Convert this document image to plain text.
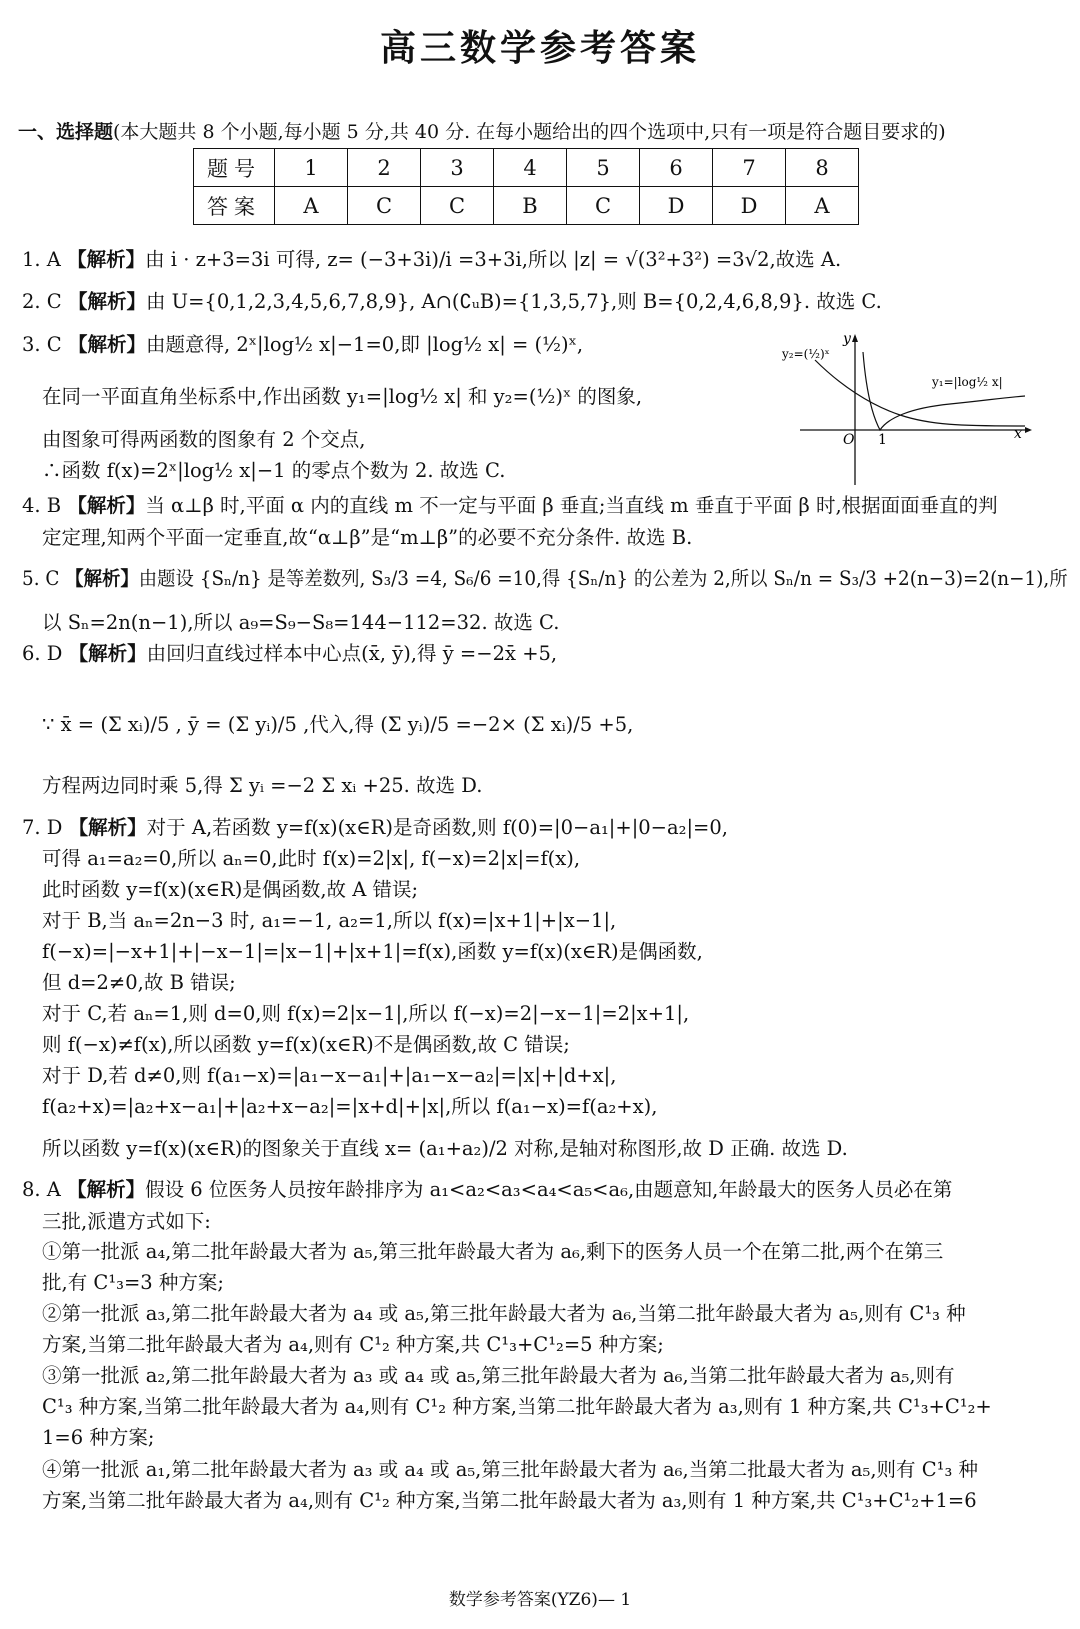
高三数学参考答案
一、选择题(本大题共 8 个小题,每小题 5 分,共 40 分. 在每小题给出的四个选项中,只有一项是符合题目要求的)
题号	1	2	3	4	5	6	7	8
答案	A	C	C	B	C	D	D	A
O 1	x
y
y₂=(½)ˣ
y₁=|log½ x|
1. A 【解析】由 i · z+3=3i 可得, z= (−3+3i)/i =3+3i,所以 |z| = √(3²+3²) =3√2,故选 A.
2. C 【解析】由 U={0,1,2,3,4,5,6,7,8,9}, A∩(∁ᵤB)={1,3,5,7},则 B={0,2,4,6,8,9}. 故选 C.
3. C 【解析】由题意得, 2ˣ|log½ x|−1=0,即 |log½ x| = (½)ˣ,
在同一平面直角坐标系中,作出函数 y₁=|log½ x| 和 y₂=(½)ˣ 的图象,
由图象可得两函数的图象有 2 个交点,
∴函数 f(x)=2ˣ|log½ x|−1 的零点个数为 2. 故选 C.
4. B 【解析】当 α⊥β 时,平面 α 内的直线 m 不一定与平面 β 垂直;当直线 m 垂直于平面 β 时,根据面面垂直的判
定定理,知两个平面一定垂直,故“α⊥β”是“m⊥β”的必要不充分条件. 故选 B.
5. C 【解析】由题设 {Sₙ/n} 是等差数列, S₃/3 =4, S₆/6 =10,得 {Sₙ/n} 的公差为 2,所以 Sₙ/n = S₃/3 +2(n−3)=2(n−1),所
以 Sₙ=2n(n−1),所以 a₉=S₉−S₈=144−112=32. 故选 C.
6. D 【解析】由回归直线过样本中心点(x̄, ȳ),得 ȳ =−2x̄ +5,
∵ x̄ = (Σ xᵢ)/5 , ȳ = (Σ yᵢ)/5 ,代入,得 (Σ yᵢ)/5 =−2× (Σ xᵢ)/5 +5,
方程两边同时乘 5,得 Σ yᵢ =−2 Σ xᵢ +25. 故选 D.
7. D 【解析】对于 A,若函数 y=f(x)(x∈R)是奇函数,则 f(0)=|0−a₁|+|0−a₂|=0,
可得 a₁=a₂=0,所以 aₙ=0,此时 f(x)=2|x|, f(−x)=2|x|=f(x),
此时函数 y=f(x)(x∈R)是偶函数,故 A 错误;
对于 B,当 aₙ=2n−3 时, a₁=−1, a₂=1,所以 f(x)=|x+1|+|x−1|,
f(−x)=|−x+1|+|−x−1|=|x−1|+|x+1|=f(x),函数 y=f(x)(x∈R)是偶函数,
但 d=2≠0,故 B 错误;
对于 C,若 aₙ=1,则 d=0,则 f(x)=2|x−1|,所以 f(−x)=2|−x−1|=2|x+1|,
则 f(−x)≠f(x),所以函数 y=f(x)(x∈R)不是偶函数,故 C 错误;
对于 D,若 d≠0,则 f(a₁−x)=|a₁−x−a₁|+|a₁−x−a₂|=|x|+|d+x|,
f(a₂+x)=|a₂+x−a₁|+|a₂+x−a₂|=|x+d|+|x|,所以 f(a₁−x)=f(a₂+x),
所以函数 y=f(x)(x∈R)的图象关于直线 x= (a₁+a₂)/2 对称,是轴对称图形,故 D 正确. 故选 D.
8. A 【解析】假设 6 位医务人员按年龄排序为 a₁<a₂<a₃<a₄<a₅<a₆,由题意知,年龄最大的医务人员必在第
三批,派遣方式如下:
①第一批派 a₄,第二批年龄最大者为 a₅,第三批年龄最大者为 a₆,剩下的医务人员一个在第二批,两个在第三
批,有 C¹₃=3 种方案;
②第一批派 a₃,第二批年龄最大者为 a₄ 或 a₅,第三批年龄最大者为 a₆,当第二批年龄最大者为 a₅,则有 C¹₃ 种
方案,当第二批年龄最大者为 a₄,则有 C¹₂ 种方案,共 C¹₃+C¹₂=5 种方案;
③第一批派 a₂,第二批年龄最大者为 a₃ 或 a₄ 或 a₅,第三批年龄最大者为 a₆,当第二批年龄最大者为 a₅,则有
C¹₃ 种方案,当第二批年龄最大者为 a₄,则有 C¹₂ 种方案,当第二批年龄最大者为 a₃,则有 1 种方案,共 C¹₃+C¹₂+
1=6 种方案;
④第一批派 a₁,第二批年龄最大者为 a₃ 或 a₄ 或 a₅,第三批年龄最大者为 a₆,当第二批最大者为 a₅,则有 C¹₃ 种
方案,当第二批年龄最大者为 a₄,则有 C¹₂ 种方案,当第二批年龄最大者为 a₃,则有 1 种方案,共 C¹₃+C¹₂+1=6
数学参考答案(YZ6)— 1
